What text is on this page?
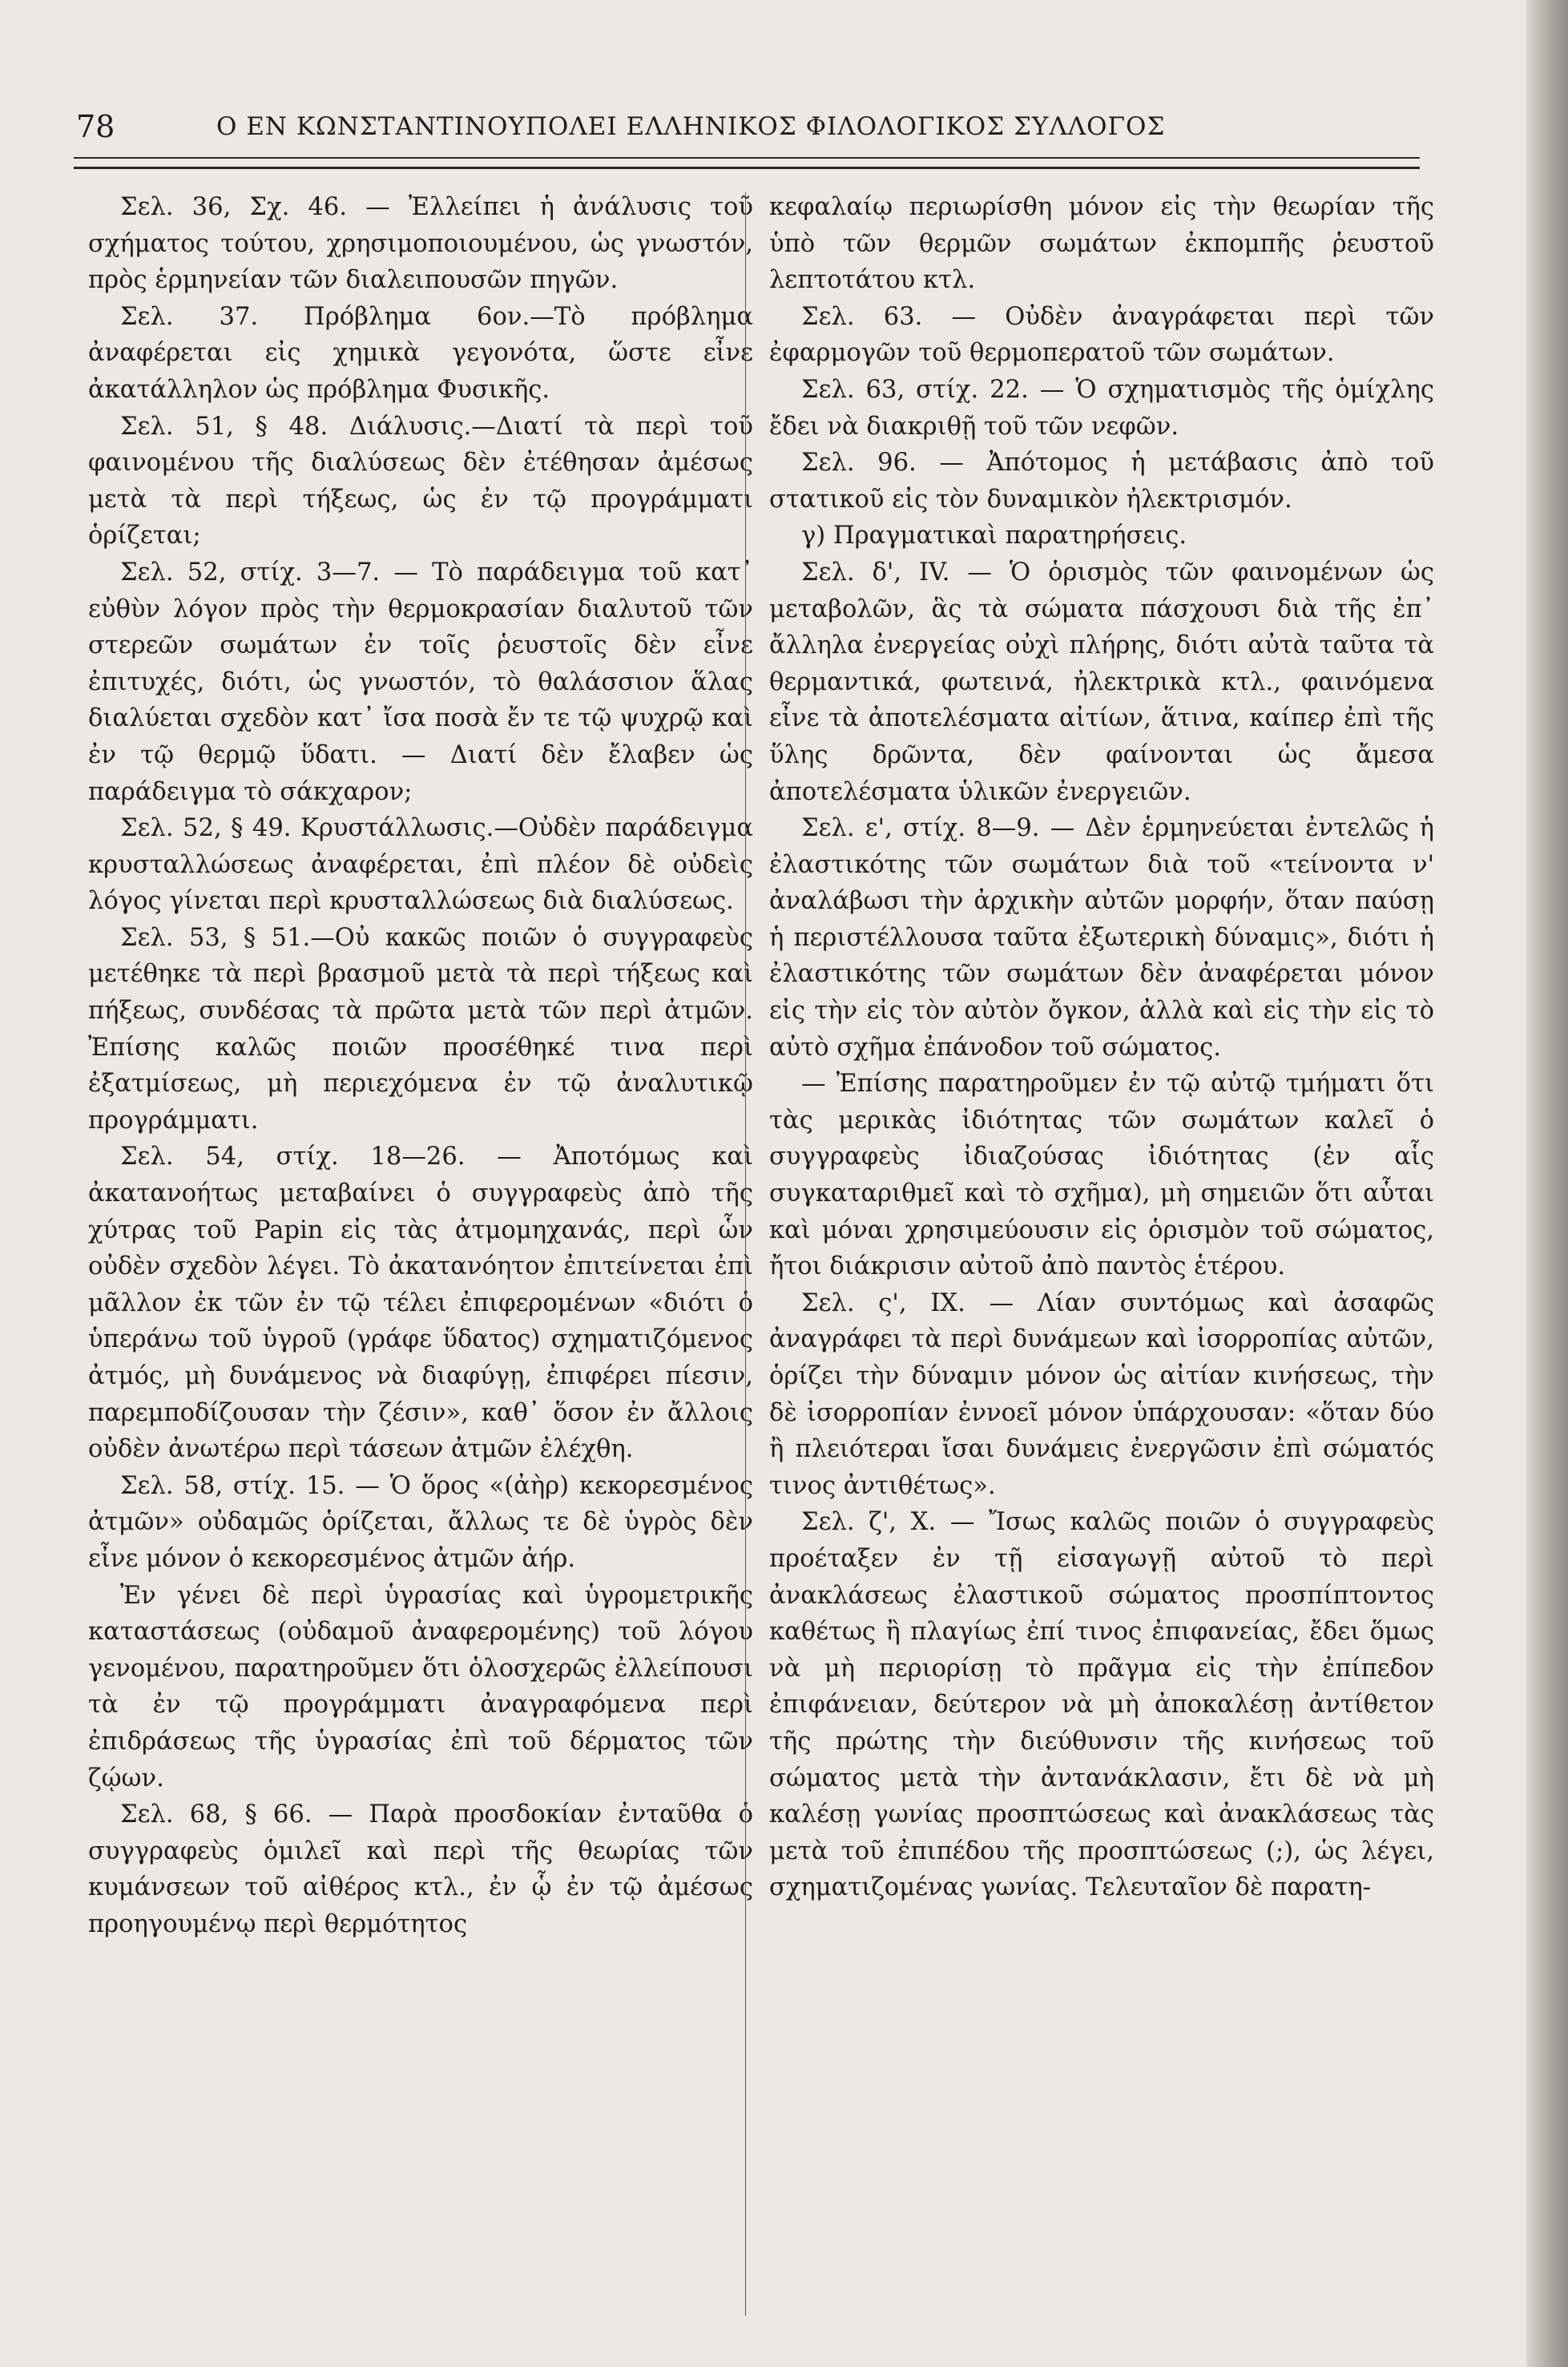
78	Ο ΕΝ ΚΩΝΣΤΑΝΤΙΝΟΥΠΟΛΕΙ ΕΛΛΗΝΙΚΟΣ ΦΙΛΟΛΟΓΙΚΟΣ ΣΥΛΛΟΓΟΣ

Σελ. 36, Σχ. 46. — Ἐλλείπει ἡ ἀνάλυσις τοῦ σχήματος τούτου, χρησιμοποιουμένου, ὡς γνωστόν, πρὸς ἑρμηνείαν τῶν διαλειπουσῶν πηγῶν.

Σελ. 37. Πρόβλημα 6ον.—Τὸ πρόβλημα ἀναφέρεται εἰς χημικὰ γεγονότα, ὥστε εἶνε ἀκατάλληλον ὡς πρόβλημα Φυσικῆς.

Σελ. 51, § 48. Διάλυσις.—Διατί τὰ περὶ τοῦ φαινομένου τῆς διαλύσεως δὲν ἐτέθησαν ἀμέσως μετὰ τὰ περὶ τήξεως, ὡς ἐν τῷ προγράμματι ὁρίζεται;

Σελ. 52, στίχ. 3—7. — Τὸ παράδειγμα τοῦ κατ᾿ εὐθὺν λόγον πρὸς τὴν θερμοκρασίαν διαλυτοῦ τῶν στερεῶν σωμάτων ἐν τοῖς ῥευστοῖς δὲν εἶνε ἐπιτυχές, διότι, ὡς γνωστόν, τὸ θαλάσσιον ἅλας διαλύεται σχεδὸν κατ᾿ ἴσα ποσὰ ἔν τε τῷ ψυχρῷ καὶ ἐν τῷ θερμῷ ὕδατι. — Διατί δὲν ἔλαβεν ὡς παράδειγμα τὸ σάκχαρον;

Σελ. 52, § 49. Κρυστάλλωσις.—Οὐδὲν παράδειγμα κρυσταλλώσεως ἀναφέρεται, ἐπὶ πλέον δὲ οὐδεὶς λόγος γίνεται περὶ κρυσταλλώσεως διὰ διαλύσεως.

Σελ. 53, § 51.—Οὐ κακῶς ποιῶν ὁ συγγραφεὺς μετέθηκε τὰ περὶ βρασμοῦ μετὰ τὰ περὶ τήξεως καὶ πήξεως, συνδέσας τὰ πρῶτα μετὰ τῶν περὶ ἀτμῶν. Ἐπίσης καλῶς ποιῶν προσέθηκέ τινα περὶ ἐξατμίσεως, μὴ περιεχόμενα ἐν τῷ ἀναλυτικῷ προγράμματι.

Σελ. 54, στίχ. 18—26. — Ἀποτόμως καὶ ἀκατανοήτως μεταβαίνει ὁ συγγραφεὺς ἀπὸ τῆς χύτρας τοῦ Papin εἰς τὰς ἀτμομηχανάς, περὶ ὧν οὐδὲν σχεδὸν λέγει. Τὸ ἀκατανόητον ἐπιτείνεται ἐπὶ μᾶλλον ἐκ τῶν ἐν τῷ τέλει ἐπιφερομένων «διότι ὁ ὑπεράνω τοῦ ὑγροῦ (γράφε ὕδατος) σχηματιζόμενος ἀτμός, μὴ δυνάμενος νὰ διαφύγῃ, ἐπιφέρει πίεσιν, παρεμποδίζουσαν τὴν ζέσιν», καθ᾿ ὅσον ἐν ἄλλοις οὐδὲν ἀνωτέρω περὶ τάσεων ἀτμῶν ἐλέχθη.

Σελ. 58, στίχ. 15. — Ὁ ὅρος «(ἀὴρ) κεκορεσμένος ἀτμῶν» οὐδαμῶς ὁρίζεται, ἄλλως τε δὲ ὑγρὸς δὲν εἶνε μόνον ὁ κεκορεσμένος ἀτμῶν ἀήρ.

Ἐν γένει δὲ περὶ ὑγρασίας καὶ ὑγρομετρικῆς καταστάσεως (οὐδαμοῦ ἀναφερομένης) τοῦ λόγου γενομένου, παρατηροῦμεν ὅτι ὁλοσχερῶς ἐλλείπουσι τὰ ἐν τῷ προγράμματι ἀναγραφόμενα περὶ ἐπιδράσεως τῆς ὑγρασίας ἐπὶ τοῦ δέρματος τῶν ζῴων.

Σελ. 68, § 66. — Παρὰ προσδοκίαν ἐνταῦθα ὁ συγγραφεὺς ὁμιλεῖ καὶ περὶ τῆς θεωρίας τῶν κυμάνσεων τοῦ αἰθέρος κτλ., ἐν ᾧ ἐν τῷ ἀμέσως προηγουμένῳ περὶ θερμότητος

κεφαλαίῳ περιωρίσθη μόνον εἰς τὴν θεωρίαν τῆς ὑπὸ τῶν θερμῶν σωμάτων ἐκπομπῆς ῥευστοῦ λεπτοτάτου κτλ.

Σελ. 63. — Οὐδὲν ἀναγράφεται περὶ τῶν ἐφαρμογῶν τοῦ θερμοπερατοῦ τῶν σωμάτων.

Σελ. 63, στίχ. 22. — Ὁ σχηματισμὸς τῆς ὁμίχλης ἔδει νὰ διακριθῇ τοῦ τῶν νεφῶν.

Σελ. 96. — Ἀπότομος ἡ μετάβασις ἀπὸ τοῦ στατικοῦ εἰς τὸν δυναμικὸν ἠλεκτρισμόν.

γ) Πραγματικαὶ παρατηρήσεις.

Σελ. δ', IV. — Ὁ ὁρισμὸς τῶν φαινομένων ὡς μεταβολῶν, ἃς τὰ σώματα πάσχουσι διὰ τῆς ἐπ᾿ ἄλληλα ἐνεργείας οὐχὶ πλήρης, διότι αὐτὰ ταῦτα τὰ θερμαντικά, φωτεινά, ἠλεκτρικὰ κτλ., φαινόμενα εἶνε τὰ ἀποτελέσματα αἰτίων, ἅτινα, καίπερ ἐπὶ τῆς ὕλης δρῶντα, δὲν φαίνονται ὡς ἄμεσα ἀποτελέσματα ὑλικῶν ἐνεργειῶν.

Σελ. ε', στίχ. 8—9. — Δὲν ἑρμηνεύεται ἐντελῶς ἡ ἐλαστικότης τῶν σωμάτων διὰ τοῦ «τείνοντα ν' ἀναλάβωσι τὴν ἀρχικὴν αὐτῶν μορφήν, ὅταν παύσῃ ἡ περιστέλλουσα ταῦτα ἐξωτερικὴ δύναμις», διότι ἡ ἐλαστικότης τῶν σωμάτων δὲν ἀναφέρεται μόνον εἰς τὴν εἰς τὸν αὐτὸν ὄγκον, ἀλλὰ καὶ εἰς τὴν εἰς τὸ αὐτὸ σχῆμα ἐπάνοδον τοῦ σώματος.

— Ἐπίσης παρατηροῦμεν ἐν τῷ αὐτῷ τμήματι ὅτι τὰς μερικὰς ἰδιότητας τῶν σωμάτων καλεῖ ὁ συγγραφεὺς ἰδιαζούσας ἰδιότητας (ἐν αἷς συγκαταριθμεῖ καὶ τὸ σχῆμα), μὴ σημειῶν ὅτι αὗται καὶ μόναι χρησιμεύουσιν εἰς ὁρισμὸν τοῦ σώματος, ἤτοι διάκρισιν αὐτοῦ ἀπὸ παντὸς ἑτέρου.

Σελ. ς', IX. — Λίαν συντόμως καὶ ἀσαφῶς ἀναγράφει τὰ περὶ δυνάμεων καὶ ἰσορροπίας αὐτῶν, ὁρίζει τὴν δύναμιν μόνον ὡς αἰτίαν κινήσεως, τὴν δὲ ἰσορροπίαν ἐννοεῖ μόνον ὑπάρχουσαν: «ὅταν δύο ἢ πλειότεραι ἴσαι δυνάμεις ἐνεργῶσιν ἐπὶ σώματός τινος ἀντιθέτως».

Σελ. ζ', X. — Ἴσως καλῶς ποιῶν ὁ συγγραφεὺς προέταξεν ἐν τῇ εἰσαγωγῇ αὐτοῦ τὸ περὶ ἀνακλάσεως ἐλαστικοῦ σώματος προσπίπτοντος καθέτως ἢ πλαγίως ἐπί τινος ἐπιφανείας, ἔδει ὅμως νὰ μὴ περιορίσῃ τὸ πρᾶγμα εἰς τὴν ἐπίπεδον ἐπιφάνειαν, δεύτερον νὰ μὴ ἀποκαλέσῃ ἀντίθετον τῆς πρώτης τὴν διεύθυνσιν τῆς κινήσεως τοῦ σώματος μετὰ τὴν ἀντανάκλασιν, ἔτι δὲ νὰ μὴ καλέσῃ γωνίας προσπτώσεως καὶ ἀνακλάσεως τὰς μετὰ τοῦ ἐπιπέδου τῆς προσπτώσεως (;), ὡς λέγει, σχηματιζομένας γωνίας. Τελευταῖον δὲ παρατη-
